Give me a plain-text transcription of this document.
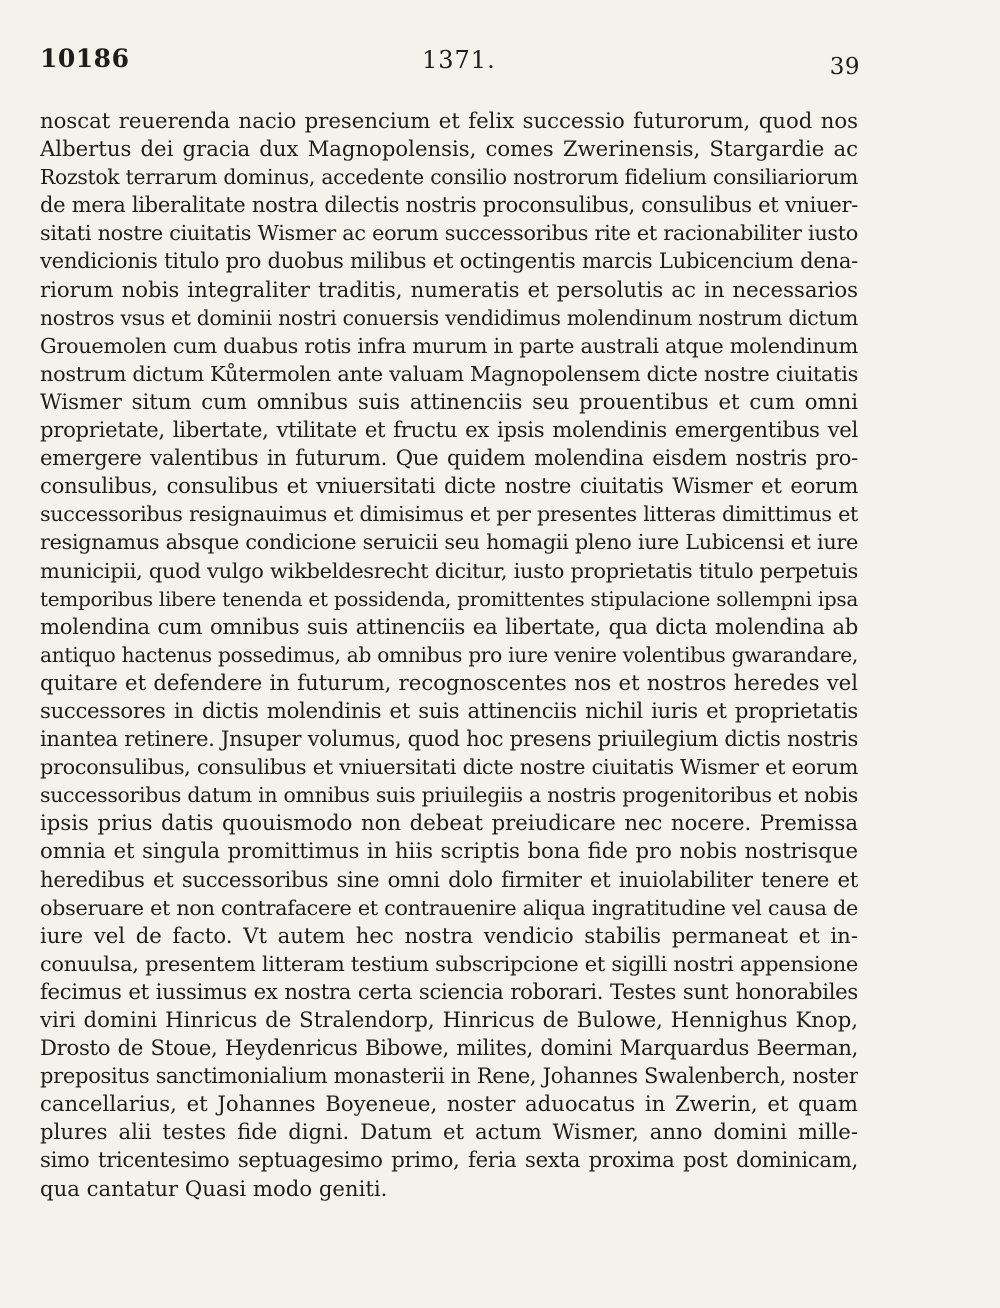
10186	1371.	39
noscat reuerenda nacio presencium et felix successio futurorum, quod nos
Albertus dei gracia dux Magnopolensis, comes Zwerinensis, Stargardie ac
Rozstok terrarum dominus, accedente consilio nostrorum fidelium consiliariorum
de mera liberalitate nostra dilectis nostris proconsulibus, consulibus et vniuer-
sitati nostre ciuitatis Wismer ac eorum successoribus rite et racionabiliter iusto
vendicionis titulo pro duobus milibus et octingentis marcis Lubicencium dena-
riorum nobis integraliter traditis, numeratis et persolutis ac in necessarios
nostros vsus et dominii nostri conuersis vendidimus molendinum nostrum dictum
Grouemolen cum duabus rotis infra murum in parte australi atque molendinum
nostrum dictum Kůtermolen ante valuam Magnopolensem dicte nostre ciuitatis
Wismer situm cum omnibus suis attinenciis seu prouentibus et cum omni
proprietate, libertate, vtilitate et fructu ex ipsis molendinis emergentibus vel
emergere valentibus in futurum. Que quidem molendina eisdem nostris pro-
consulibus, consulibus et vniuersitati dicte nostre ciuitatis Wismer et eorum
successoribus resignauimus et dimisimus et per presentes litteras dimittimus et
resignamus absque condicione seruicii seu homagii pleno iure Lubicensi et iure
municipii, quod vulgo wikbeldesrecht dicitur, iusto proprietatis titulo perpetuis
temporibus libere tenenda et possidenda, promittentes stipulacione sollempni ipsa
molendina cum omnibus suis attinenciis ea libertate, qua dicta molendina ab
antiquo hactenus possedimus, ab omnibus pro iure venire volentibus gwarandare,
quitare et defendere in futurum, recognoscentes nos et nostros heredes vel
successores in dictis molendinis et suis attinenciis nichil iuris et proprietatis
inantea retinere. Jnsuper volumus, quod hoc presens priuilegium dictis nostris
proconsulibus, consulibus et vniuersitati dicte nostre ciuitatis Wismer et eorum
successoribus datum in omnibus suis priuilegiis a nostris progenitoribus et nobis
ipsis prius datis quouismodo non debeat preiudicare nec nocere. Premissa
omnia et singula promittimus in hiis scriptis bona fide pro nobis nostrisque
heredibus et successoribus sine omni dolo firmiter et inuiolabiliter tenere et
obseruare et non contrafacere et contrauenire aliqua ingratitudine vel causa de
iure vel de facto. Vt autem hec nostra vendicio stabilis permaneat et in-
conuulsa, presentem litteram testium subscripcione et sigilli nostri appensione
fecimus et iussimus ex nostra certa sciencia roborari. Testes sunt honorabiles
viri domini Hinricus de Stralendorp, Hinricus de Bulowe, Hennighus Knop,
Drosto de Stoue, Heydenricus Bibowe, milites, domini Marquardus Beerman,
prepositus sanctimonialium monasterii in Rene, Johannes Swalenberch, noster
cancellarius, et Johannes Boyeneue, noster aduocatus in Zwerin, et quam
plures alii testes fide digni. Datum et actum Wismer, anno domini mille-
simo tricentesimo septuagesimo primo, feria sexta proxima post dominicam,
qua cantatur Quasi modo geniti.
